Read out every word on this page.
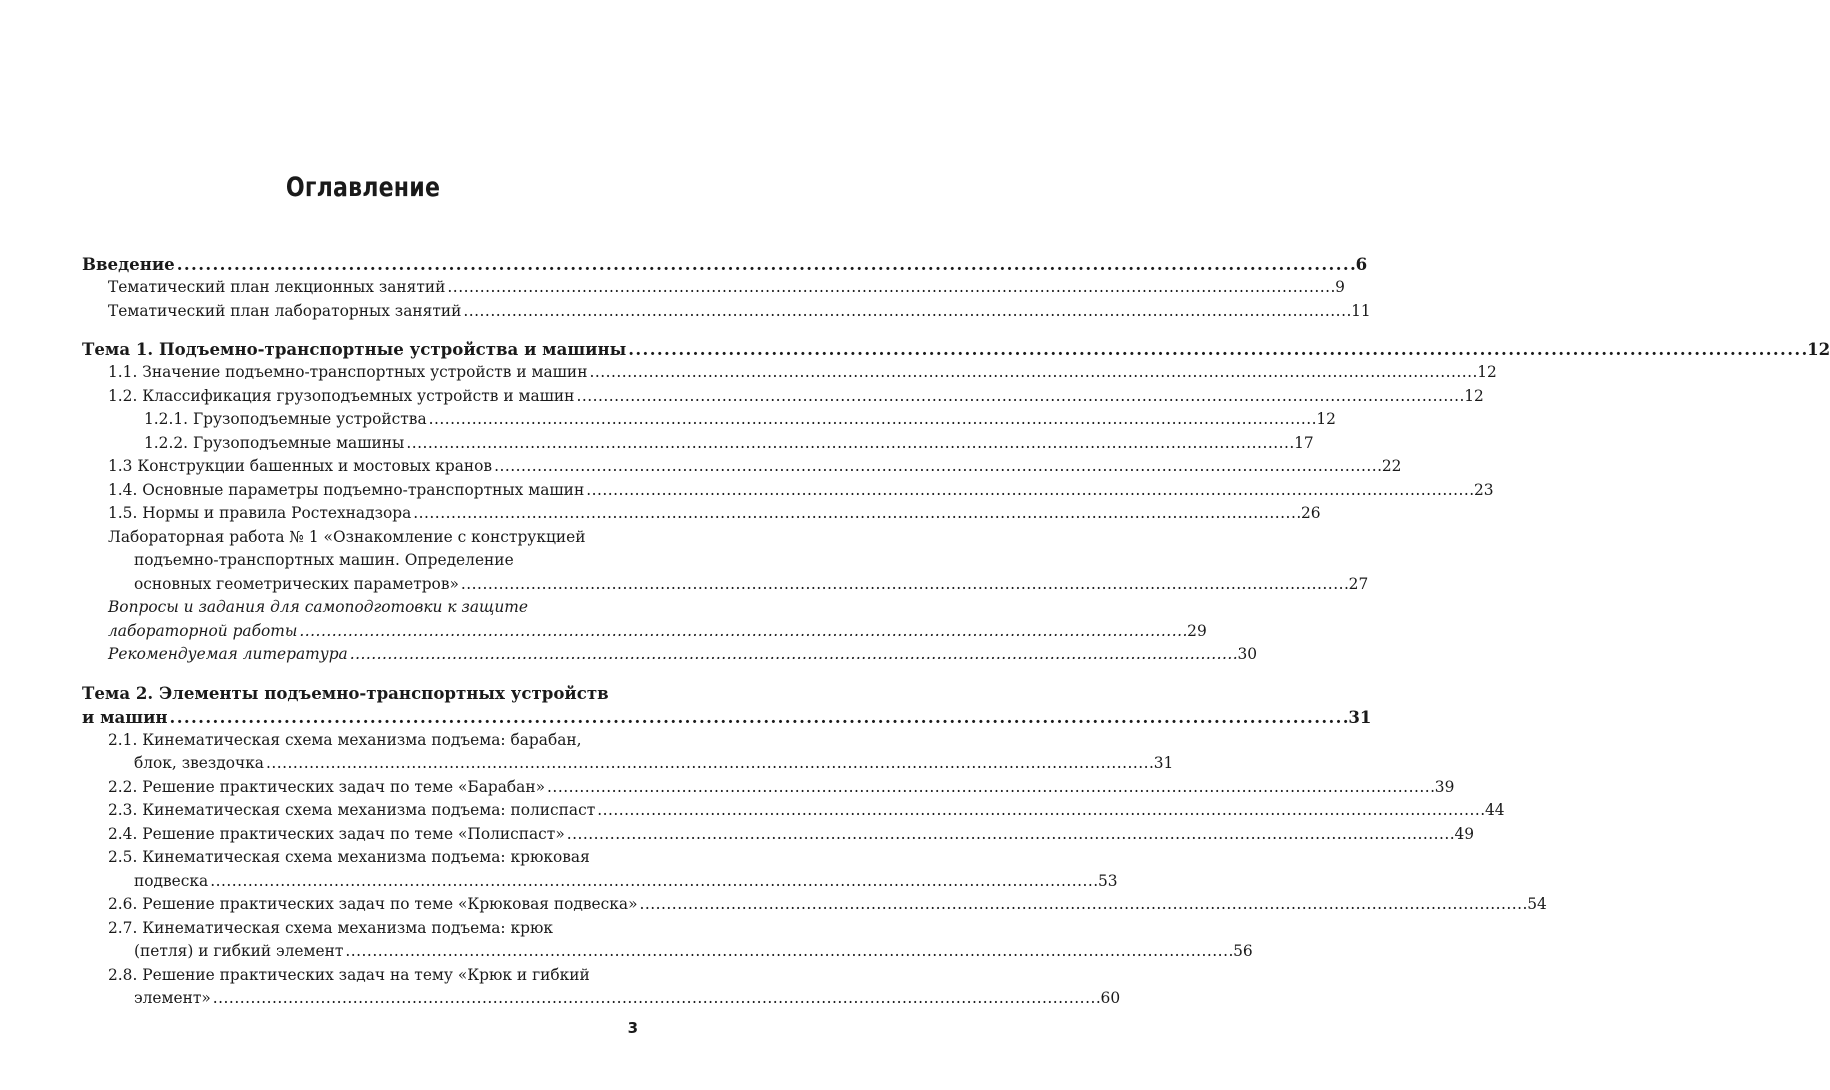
Оглавление
Введение . . .	6
Тематический план лекционных занятий . . .	9
Тематический план лабораторных занятий . . .	11
Тема 1. Подъемно-транспортные устройства и машины . . .	12
1.1. Значение подъемно-транспортных устройств и машин . . .	12
1.2. Классификация грузоподъемных устройств и машин . . .	12
1.2.1. Грузоподъемные устройства . . .	12
1.2.2. Грузоподъемные машины . . .	17
1.3 Конструкции башенных и мостовых кранов . . .	22
1.4. Основные параметры подъемно-транспортных машин . . .	23
1.5. Нормы и правила Ростехнадзора . . .	26
Лабораторная работа № 1 «Ознакомление с конструкцией
подъемно-транспортных машин. Определение
основных геометрических параметров» . . .	27
Вопросы и задания для самоподготовки к защите
лабораторной работы . . .	29
Рекомендуемая литература . . .	30
Тема 2. Элементы подъемно-транспортных устройств
и машин . . .	31
2.1. Кинематическая схема механизма подъема: барабан,
блок, звездочка . . .	31
2.2. Решение практических задач по теме «Барабан» . . .	39
2.3. Кинематическая схема механизма подъема: полиспаст . . .	44
2.4. Решение практических задач по теме «Полиспаст» . . .	49
2.5. Кинематическая схема механизма подъема: крюковая
подвеска . . .	53
2.6. Решение практических задач по теме «Крюковая подвеска» . . .	54
2.7. Кинематическая схема механизма подъема: крюк
(петля) и гибкий элемент . . .	56
2.8. Решение практических задач на тему «Крюк и гибкий
элемент» . . .	60
3
